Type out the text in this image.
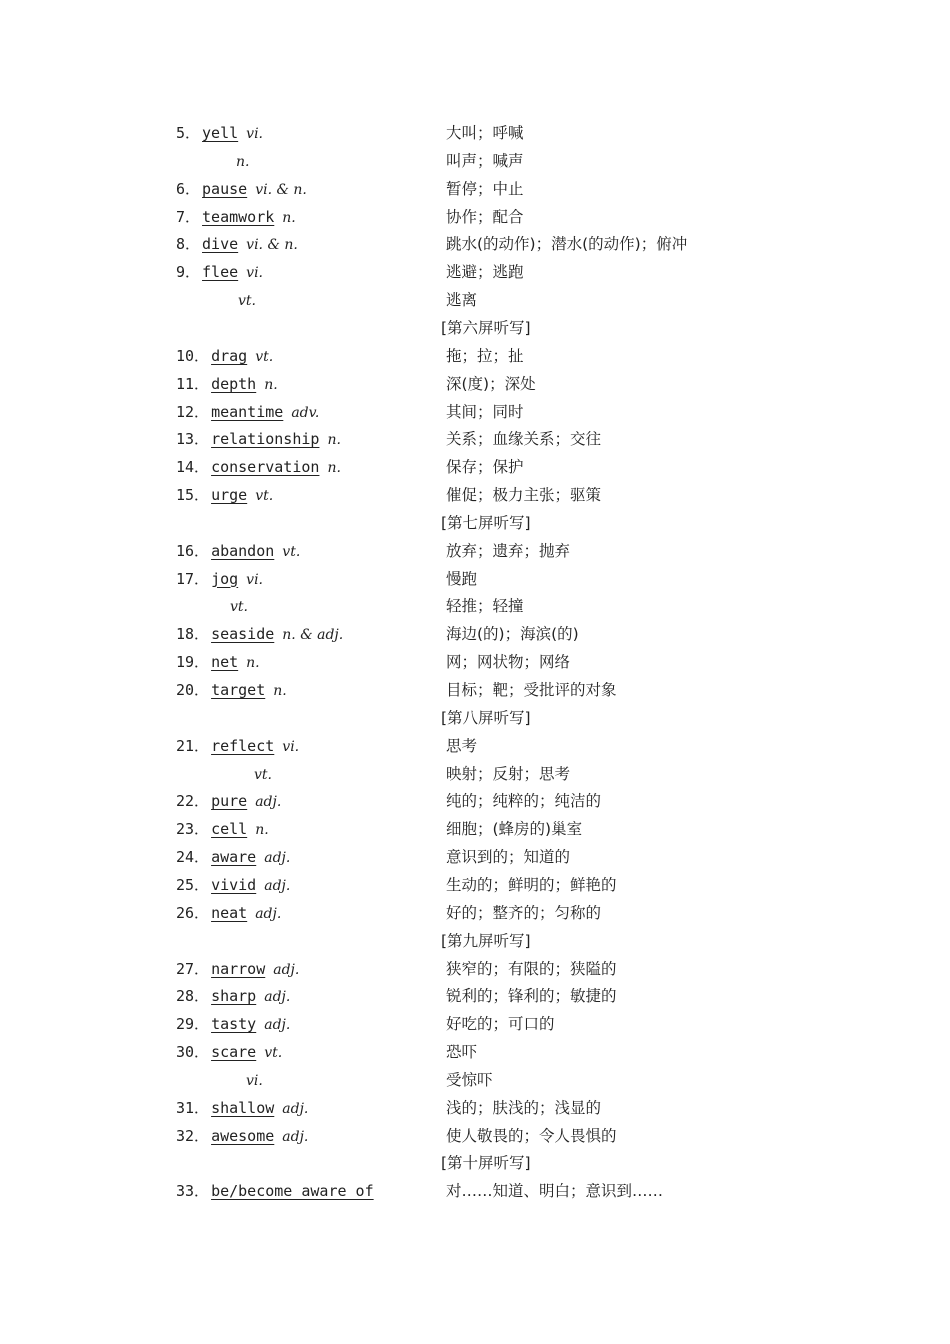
5． yell vi.	大叫；呼喊
n.	叫声；喊声
6． pause vi. & n.	暂停；中止
7． teamwork n.	协作；配合
8． dive vi. & n.	跳水(的动作)；潜水(的动作)；俯冲
9． flee vi.	逃避；逃跑
vt.	逃离
[第六屏听写]
10． drag vt.	拖；拉；扯
11． depth n.	深(度)；深处
12． meantime adv.	其间；同时
13． relationship n.	关系；血缘关系；交往
14． conservation n.	保存；保护
15． urge vt.	催促；极力主张；驱策
[第七屏听写]
16． abandon vt.	放弃；遗弃；抛弃
17． jog vi.	慢跑
vt.	轻推；轻撞
18． seaside n. & adj.	海边(的)；海滨(的)
19． net n.	网；网状物；网络
20． target n.	目标；靶；受批评的对象
[第八屏听写]
21． reflect vi.	思考
vt.	映射；反射；思考
22． pure adj.	纯的；纯粹的；纯洁的
23． cell n.	细胞；(蜂房的)巢室
24． aware adj.	意识到的；知道的
25． vivid adj.	生动的；鲜明的；鲜艳的
26． neat adj.	好的；整齐的；匀称的
[第九屏听写]
27． narrow adj.	狭窄的；有限的；狭隘的
28． sharp adj.	锐利的；锋利的；敏捷的
29． tasty adj.	好吃的；可口的
30． scare vt.	恐吓
vi.	受惊吓
31． shallow adj.	浅的；肤浅的；浅显的
32． awesome adj.	使人敬畏的；令人畏惧的
[第十屏听写]
33． be/become aware of	对……知道、明白；意识到……
